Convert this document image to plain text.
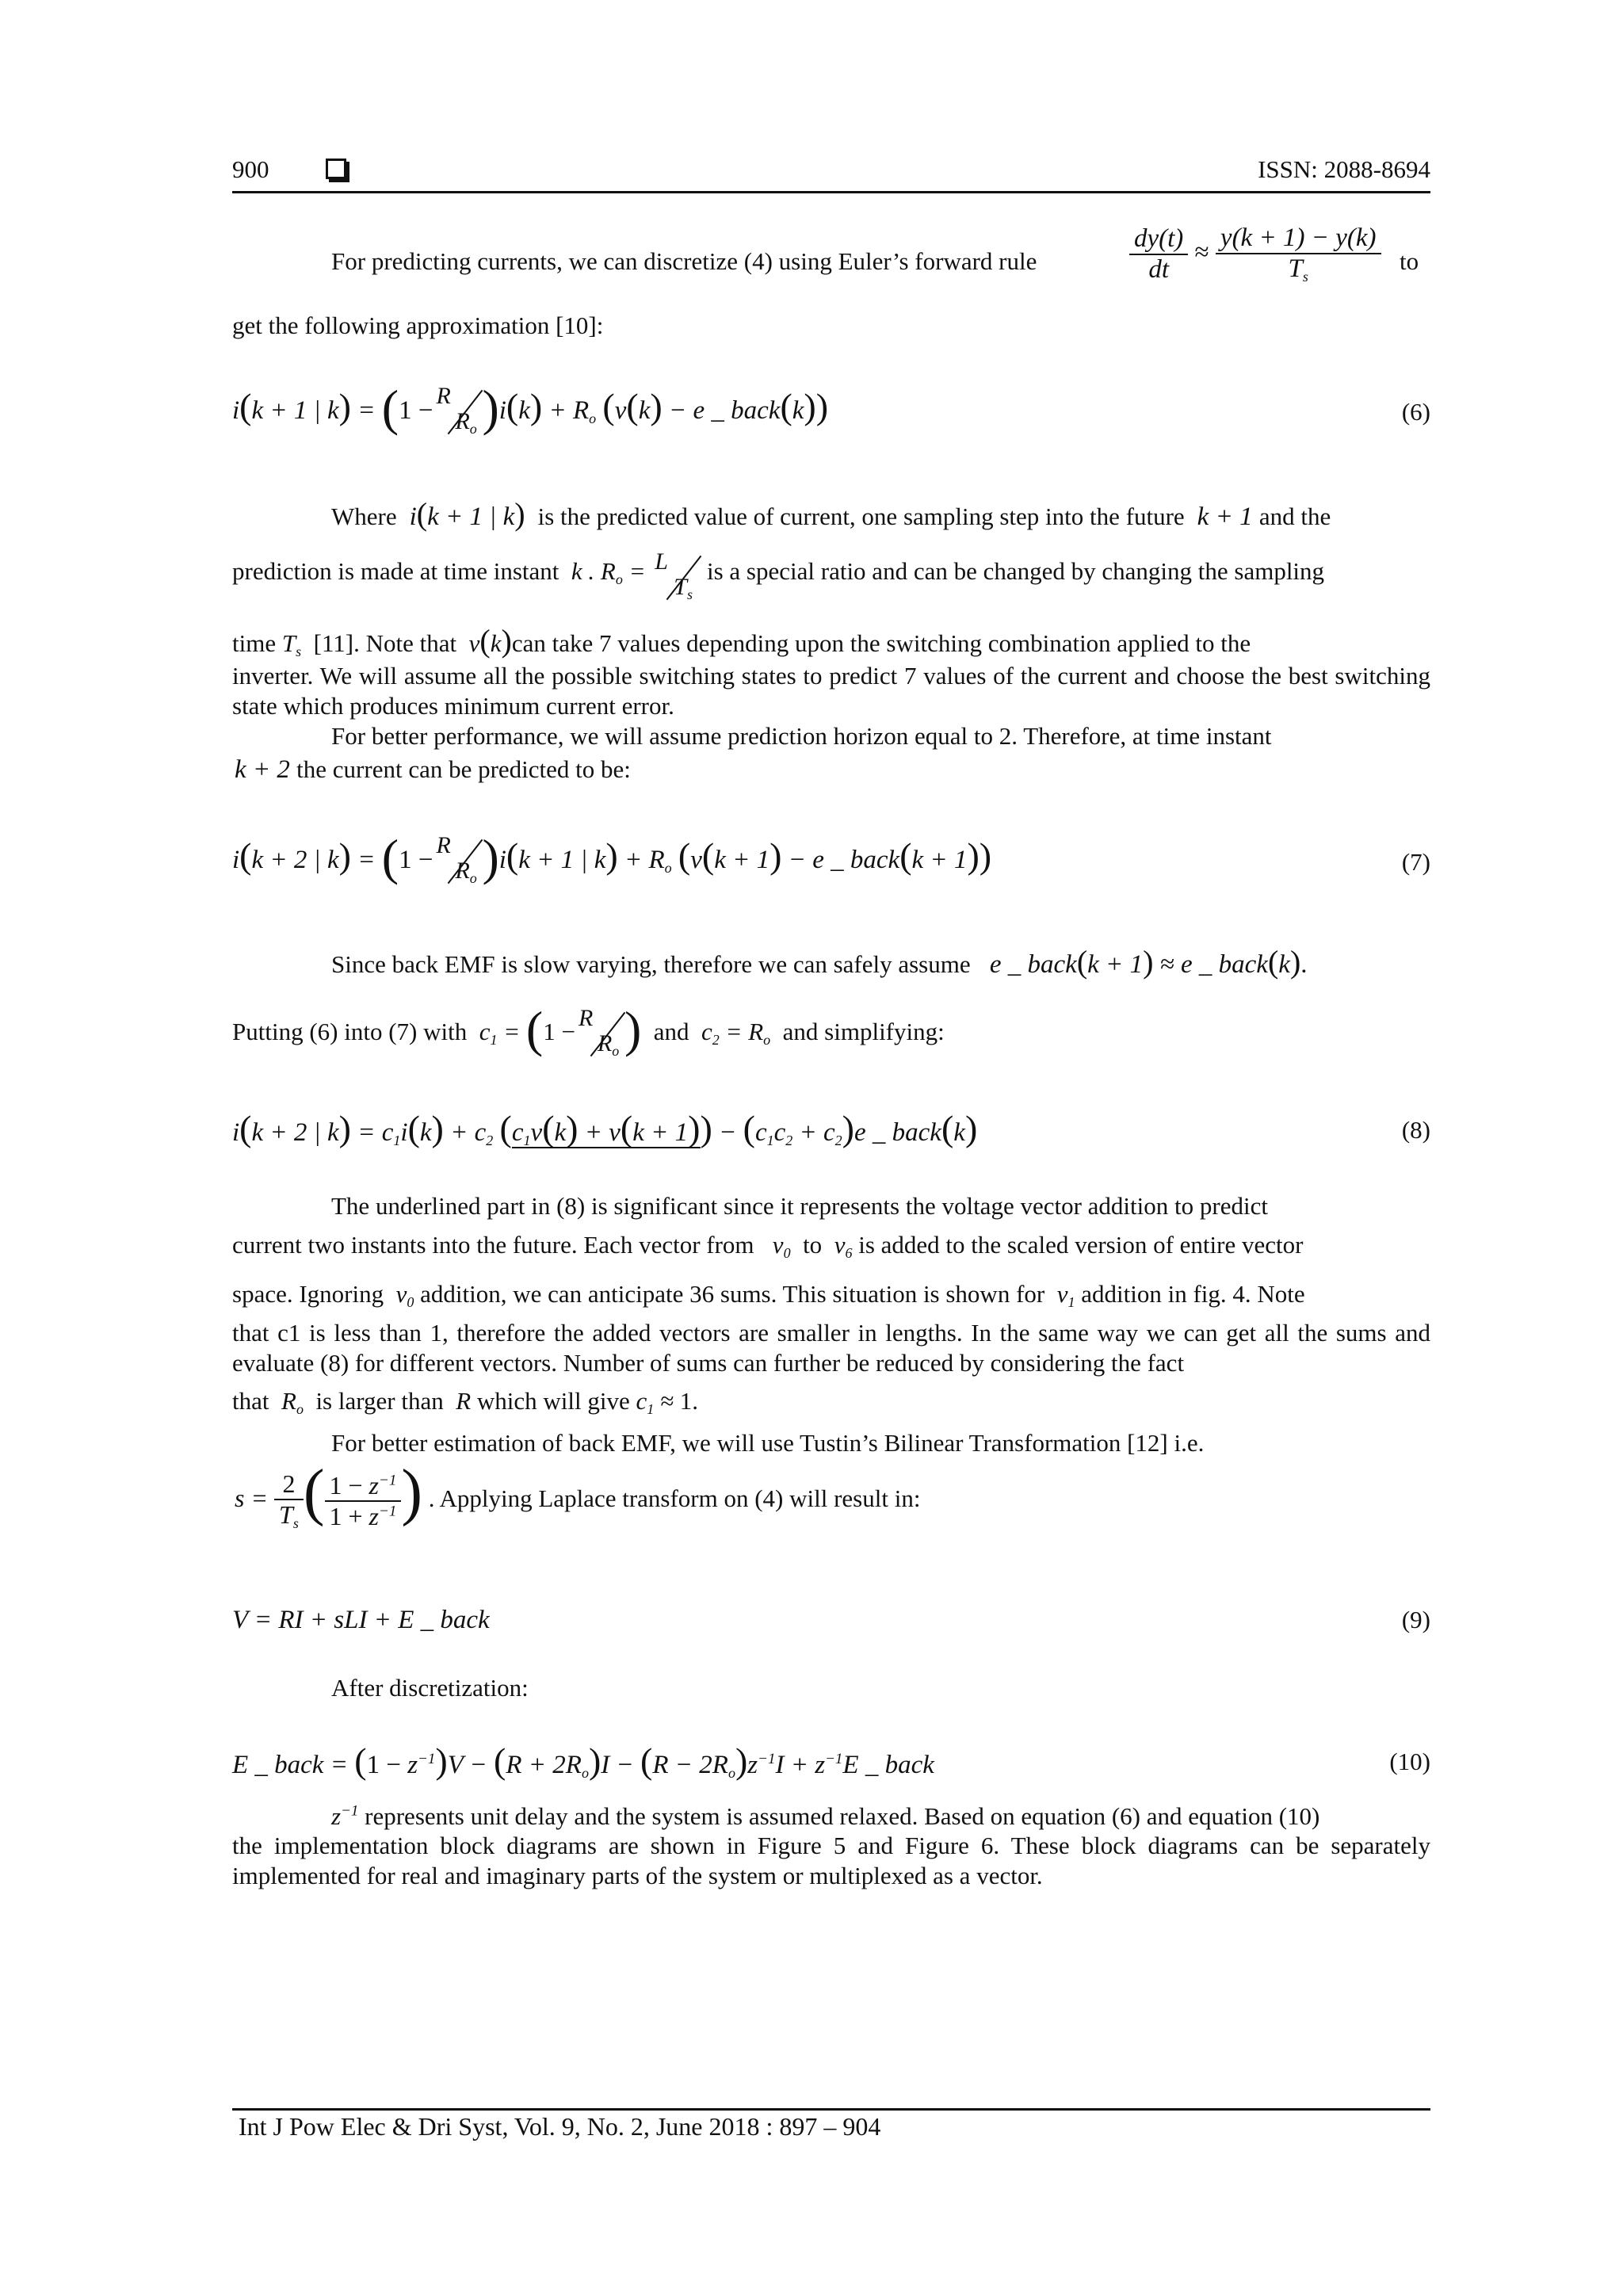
900	ISSN: 2088-8694
For predicting currents, we can discretize (4) using Euler’s forward rule	$\frac{dy(t)}{dt} \approx \frac{y(k + 1) - y(k)}{T_s}$ to
get the following approximation [10]:
i(k + 1 | k) = (1 −
R
$R_o$ )$i(k) + R_o$ (v(k) − e _ back(k))	(6)
Where  i(k + 1 | k) is the predicted value of current, one sampling step into the future  k + 1 and the
prediction is made at time instant  k . $R_o = L$
$T_s$
is a special ratio and can be changed by changing the sampling
time $T_s$ [11]. Note that  v(k)can take 7 values depending upon the switching combination applied to the
inverter. We will assume all the possible switching states to predict 7 values of the current and choose the best switching state which produces minimum current error.
For better performance, we will assume prediction horizon equal to 2. Therefore, at time instant
k + 2 the current can be predicted to be:
i(k + 2 | k) = (1 −
R
$R_o$ )i(k + 1 | $k) + R_o$ (v(k + 1) − e _ back(k + 1))	(7)
Since back EMF is slow varying, therefore we can safely assume   e _ back(k + 1) ≈ e _ back(k).
Putting (6) into (7) with  $c_1 = (1 - R$
$R_o$ ) and  $c_2 = R_o$ and simplifying:
i(k + 2 | $k) = c_1i(k) + c_2$ $(c_1v(k) + v(k + 1)) - (c_1c_2 + c_2)e$ _ back(k)	(8)
The underlined part in (8) is significant since it represents the voltage vector addition to predict
current two instants into the future. Each vector from   $v_0$ to  $v_6$ is added to the scaled version of entire vector
space. Ignoring  $v_0$ addition, we can anticipate 36 sums. This situation is shown for  $v_1$ addition in fig. 4. Note
that c1 is less than 1, therefore the added vectors are smaller in lengths. In the same way we can get all the sums and evaluate (8) for different vectors. Number of sums can further be reduced by considering the fact
that  $R_o$ is larger than  R which will give $c_1 \approx 1$.
For better estimation of back EMF, we will use Tustin’s Bilinear Transformation [12] i.e.
$s = \frac{2}{T_s}$ ( $\frac{1 - z^{-1}}{1 + z^{-1}}$ ) . Applying Laplace transform on (4) will result in:
V = RI + sLI + E _ back	(9)
After discretization:
E _ back = $(1 - z^{-1})V - (R + 2R_o)I - (R - 2R_o)z^{-1}I + z^{-1}E$ _ back	(10)
$z^{-1}$ represents unit delay and the system is assumed relaxed. Based on equation (6) and equation (10)
the implementation block diagrams are shown in Figure 5 and Figure 6. These block diagrams can be separately implemented for real and imaginary parts of the system or multiplexed as a vector.
Int J Pow Elec & Dri Syst, Vol. 9, No. 2, June 2018 : 897 – 904
